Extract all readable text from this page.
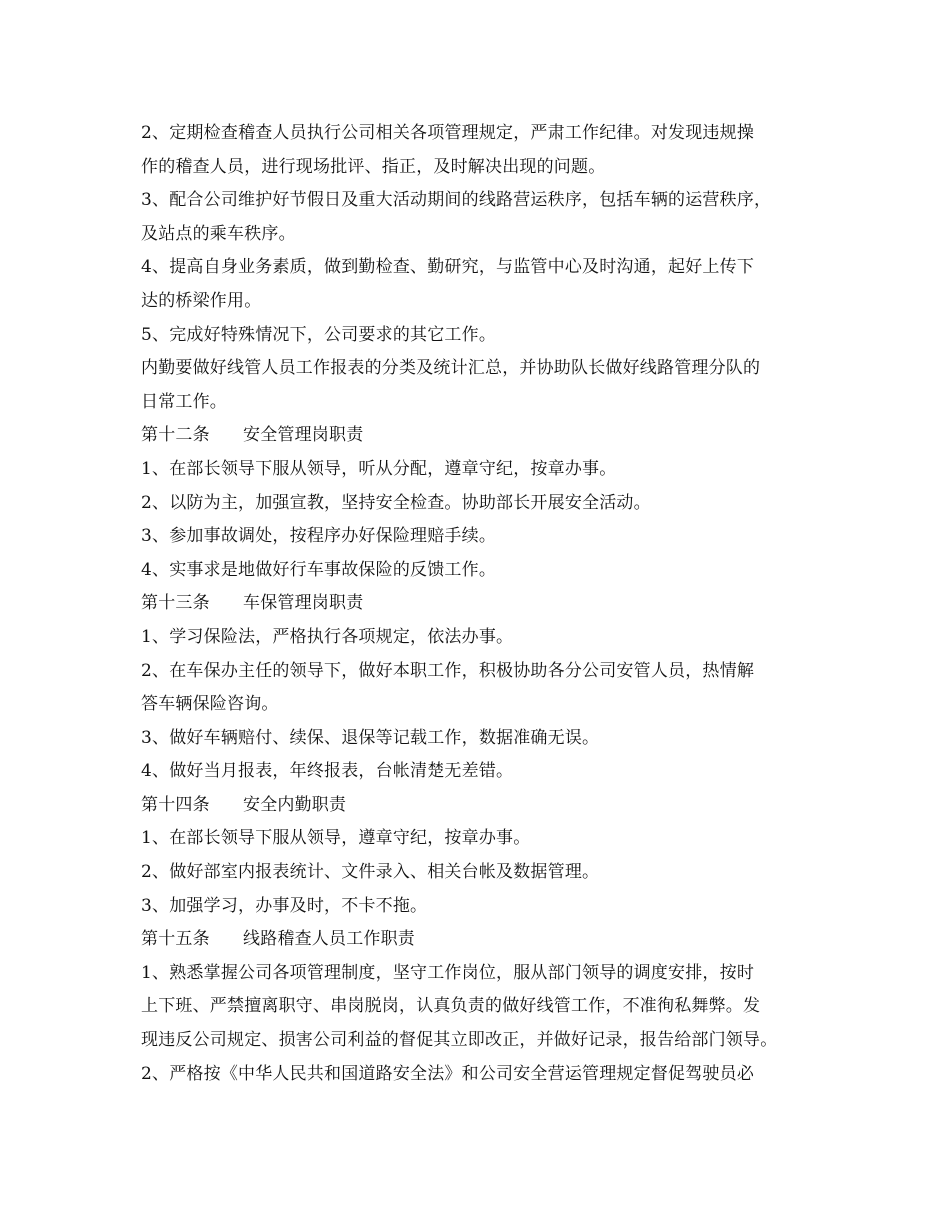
2、定期检查稽查人员执行公司相关各项管理规定，严肃工作纪律。对发现违规操
作的稽查人员，进行现场批评、指正，及时解决出现的问题。
3、配合公司维护好节假日及重大活动期间的线路营运秩序，包括车辆的运营秩序，
及站点的乘车秩序。
4、提高自身业务素质，做到勤检查、勤研究，与监管中心及时沟通，起好上传下
达的桥梁作用。
5、完成好特殊情况下，公司要求的其它工作。
内勤要做好线管人员工作报表的分类及统计汇总，并协助队长做好线路管理分队的
日常工作。
第十二条 安全管理岗职责
1、在部长领导下服从领导，听从分配，遵章守纪，按章办事。
2、以防为主，加强宣教，坚持安全检查。协助部长开展安全活动。
3、参加事故调处，按程序办好保险理赔手续。
4、实事求是地做好行车事故保险的反馈工作。
第十三条 车保管理岗职责
1、学习保险法，严格执行各项规定，依法办事。
2、在车保办主任的领导下，做好本职工作，积极协助各分公司安管人员，热情解
答车辆保险咨询。
3、做好车辆赔付、续保、退保等记载工作，数据准确无误。
4、做好当月报表，年终报表，台帐清楚无差错。
第十四条 安全内勤职责
1、在部长领导下服从领导，遵章守纪，按章办事。
2、做好部室内报表统计、文件录入、相关台帐及数据管理。
3、加强学习，办事及时，不卡不拖。
第十五条 线路稽查人员工作职责
1、熟悉掌握公司各项管理制度，坚守工作岗位，服从部门领导的调度安排，按时
上下班、严禁擅离职守、串岗脱岗，认真负责的做好线管工作，不准徇私舞弊。发
现违反公司规定、损害公司利益的督促其立即改正，并做好记录，报告给部门领导。
2、严格按《中华人民共和国道路安全法》和公司安全营运管理规定督促驾驶员必
